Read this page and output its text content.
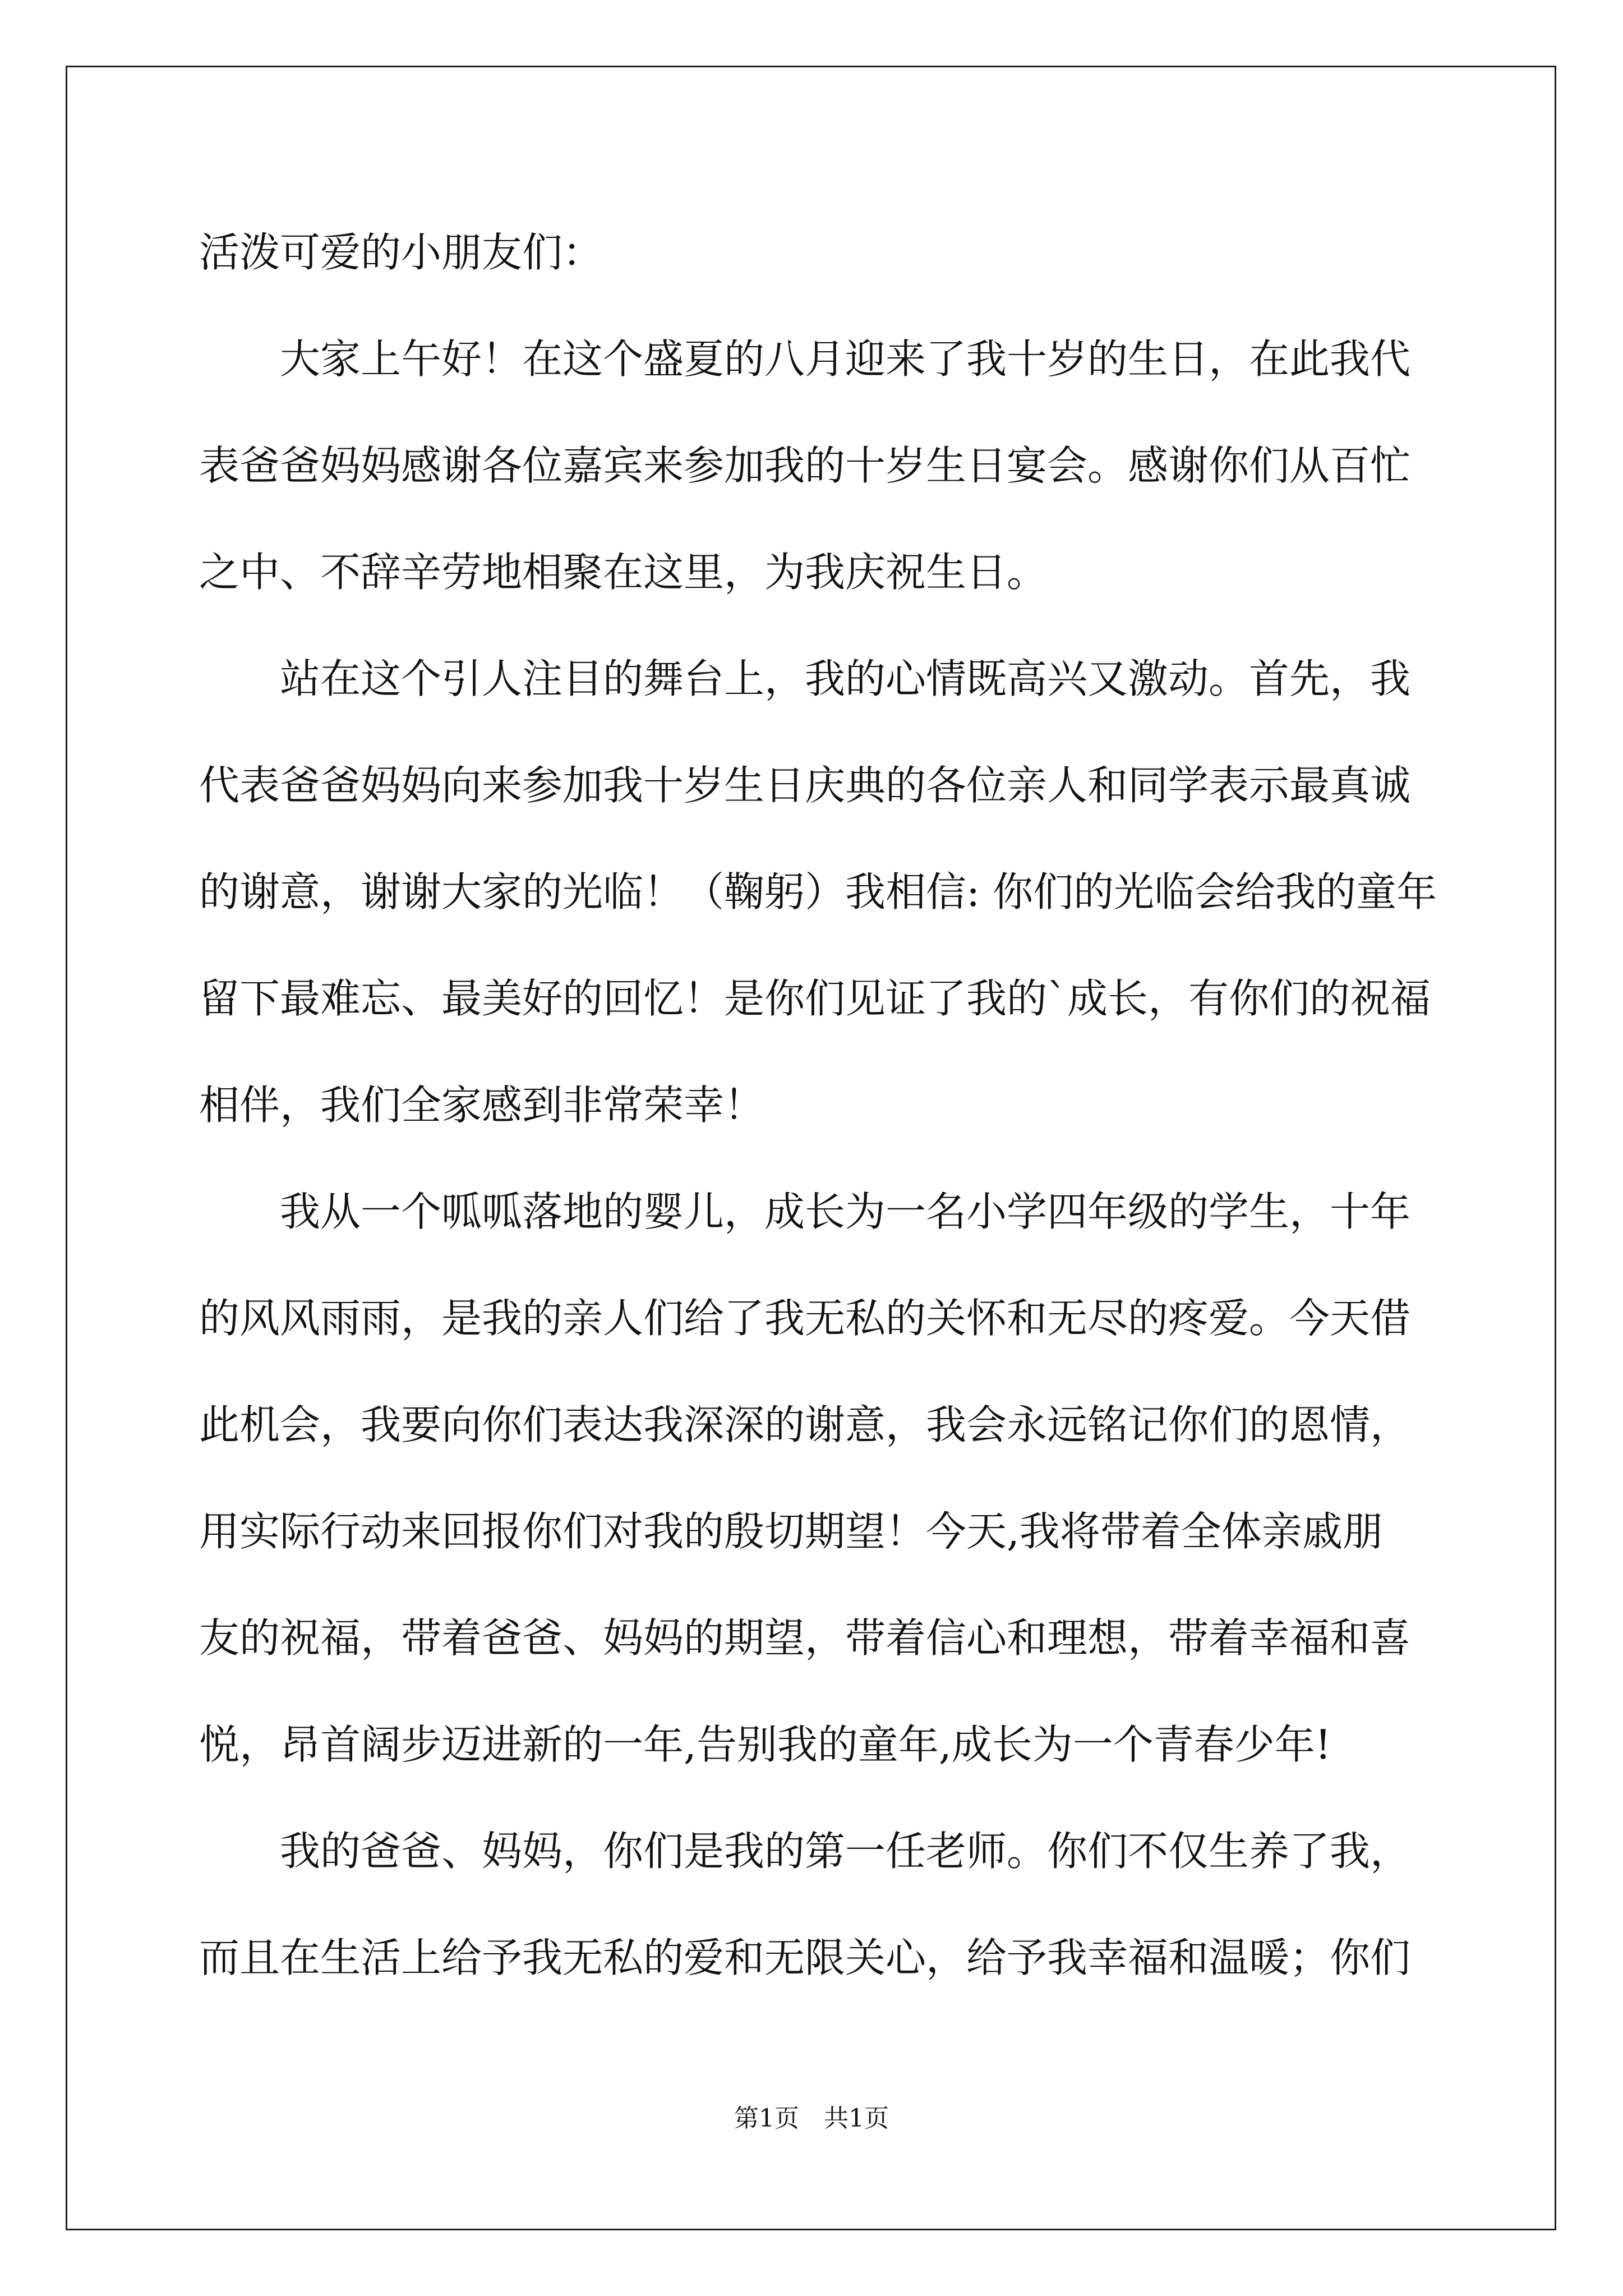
活泼可爱的小朋友们：
　　大家上午好！在这个盛夏的八月迎来了我十岁的生日，在此我代
表爸爸妈妈感谢各位嘉宾来参加我的十岁生日宴会。感谢你们从百忙
之中、不辞辛劳地相聚在这里，为我庆祝生日。
　　站在这个引人注目的舞台上，我的心情既高兴又激动。首先，我
代表爸爸妈妈向来参加我十岁生日庆典的各位亲人和同学表示最真诚
的谢意，谢谢大家的光临！（鞠躬）我相信: 你们的光临会给我的童年
留下最难忘、最美好的回忆！是你们见证了我的`成长，有你们的祝福
相伴，我们全家感到非常荣幸！
　　我从一个呱呱落地的婴儿，成长为一名小学四年级的学生，十年
的风风雨雨，是我的亲人们给了我无私的关怀和无尽的疼爱。今天借
此机会，我要向你们表达我深深的谢意，我会永远铭记你们的恩情，
用实际行动来回报你们对我的殷切期望！今天,我将带着全体亲戚朋
友的祝福，带着爸爸、妈妈的期望，带着信心和理想，带着幸福和喜
悦，昂首阔步迈进新的一年,告别我的童年,成长为一个青春少年!
　　我的爸爸、妈妈，你们是我的第一任老师。你们不仅生养了我，
而且在生活上给予我无私的爱和无限关心，给予我幸福和温暖；你们
第1页　共1页
